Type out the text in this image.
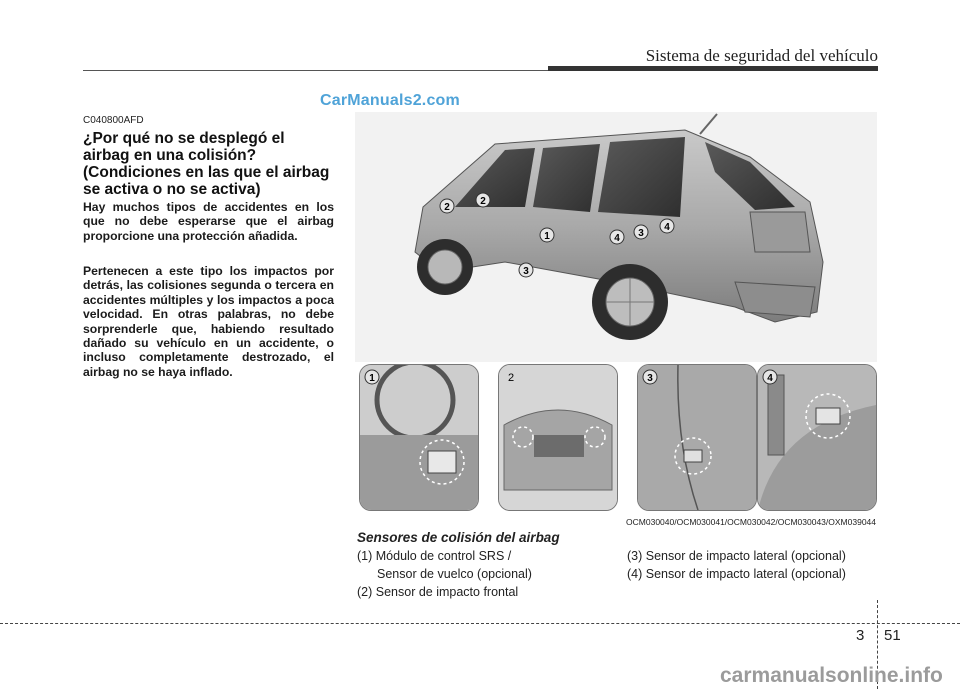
Sistema de seguridad del vehículo
CarManuals2.com
C040800AFD
¿Por qué no se desplegó el
airbag en una colisión?
(Condiciones en las que el airbag
se activa o no se activa)
Hay muchos tipos de accidentes en los que no debe esperarse que el airbag proporcione una protección añadida.
Pertenecen a este tipo los impactos por detrás, las colisiones segunda o tercera en accidentes múltiples y los impactos a poca velocidad. En otras palabras, no debe sorprenderle que, habiendo resultado dañado su vehículo en un accidente, o incluso completamente destrozado, el airbag no se haya inflado.
2
2
1
3
4 3
4
1	2	3	4
OCM030040/OCM030041/OCM030042/OCM030043/OXM039044
Sensores de colisión del airbag
(1) Módulo de control SRS /
Sensor de vuelco (opcional)
(2) Sensor de impacto frontal
(3) Sensor de impacto lateral (opcional)
(4) Sensor de impacto lateral (opcional)
3 51
carmanualsonline.info
